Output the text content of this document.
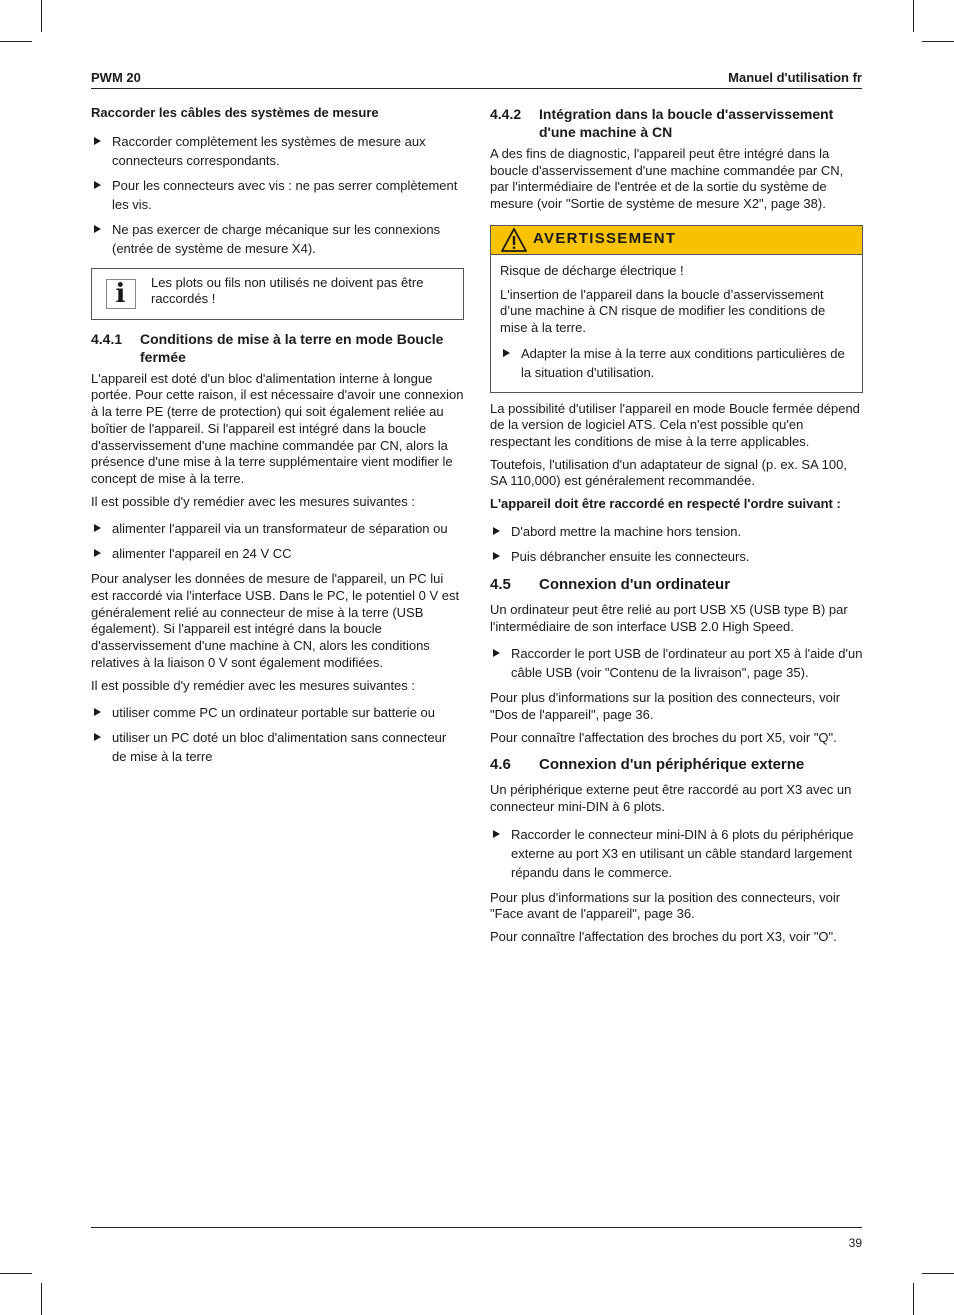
PWM 20	Manuel d'utilisation fr
Raccorder les câbles des systèmes de mesure
Raccorder complètement les systèmes de mesure aux connecteurs correspondants.
Pour les connecteurs avec vis : ne pas serrer complètement les vis.
Ne pas exercer de charge mécanique sur les connexions (entrée de système de mesure X4).
i	Les plots ou fils non utilisés ne doivent pas être raccordés !
4.4.1	Conditions de mise à la terre en mode Boucle fermée

L'appareil est doté d'un bloc d'alimentation interne à longue portée. Pour cette raison, il est nécessaire d'avoir une connexion à la terre PE (terre de protection) qui soit également reliée au boîtier de l'appareil. Si l'appareil est intégré dans la boucle d'asservissement d'une machine commandée par CN, alors la présence d'une mise à la terre supplémentaire vient modifier le concept de mise à la terre.

Il est possible d'y remédier avec les mesures suivantes :

alimenter l'appareil via un transformateur de séparation ou
alimenter l'appareil en 24 V CC

Pour analyser les données de mesure de l'appareil, un PC lui est raccordé via l'interface USB. Dans le PC, le potentiel 0 V est généralement relié au connecteur de mise à la terre (USB également). Si l'appareil est intégré dans la boucle d'asservissement d'une machine à CN, alors les conditions relatives à la liaison 0 V sont également modifiées.

Il est possible d'y remédier avec les mesures suivantes :

utiliser comme PC un ordinateur portable sur batterie ou
utiliser un PC doté un bloc d'alimentation sans connecteur de mise à la terre
4.4.2	Intégration dans la boucle d'asservissement d'une machine à CN

A des fins de diagnostic, l'appareil peut être intégré dans la boucle d'asservissement d'une machine commandée par CN, par l'intermédiaire de l'entrée et de la sortie du système de mesure (voir "Sortie de système de mesure X2", page 38).

AVERTISSEMENT

Risque de décharge électrique !

L'insertion de l'appareil dans la boucle d’asservissement d’une machine à CN risque de modifier les conditions de mise à la terre.

Adapter la mise à la terre aux conditions particulières de la situation d'utilisation.

La possibilité d'utiliser l'appareil en mode Boucle fermée dépend de la version de logiciel ATS. Cela n'est possible qu'en respectant les conditions de mise à la terre applicables.

Toutefois, l'utilisation d'un adaptateur de signal (p. ex. SA 100, SA 110,000) est généralement recommandée.

L'appareil doit être raccordé en respecté l'ordre suivant :

D'abord mettre la machine hors tension.
Puis débrancher ensuite les connecteurs.
4.5	Connexion d'un ordinateur

Un ordinateur peut être relié au port USB X5 (USB type B) par l'intermédiaire de son interface USB 2.0 High Speed.

Raccorder le port USB de l'ordinateur au port X5 à l'aide d'un câble USB (voir "Contenu de la livraison", page 35).

Pour plus d'informations sur la position des connecteurs, voir "Dos de l'appareil", page 36.

Pour connaître l'affectation des broches du port X5, voir "Q".

4.6	Connexion d'un périphérique externe

Un périphérique externe peut être raccordé au port X3 avec un connecteur mini-DIN à 6 plots.

Raccorder le connecteur mini-DIN à 6 plots du périphérique externe au port X3 en utilisant un câble standard largement répandu dans le commerce.

Pour plus d'informations sur la position des connecteurs, voir "Face avant de l'appareil", page 36.

Pour connaître l'affectation des broches du port X3, voir "O".

39
